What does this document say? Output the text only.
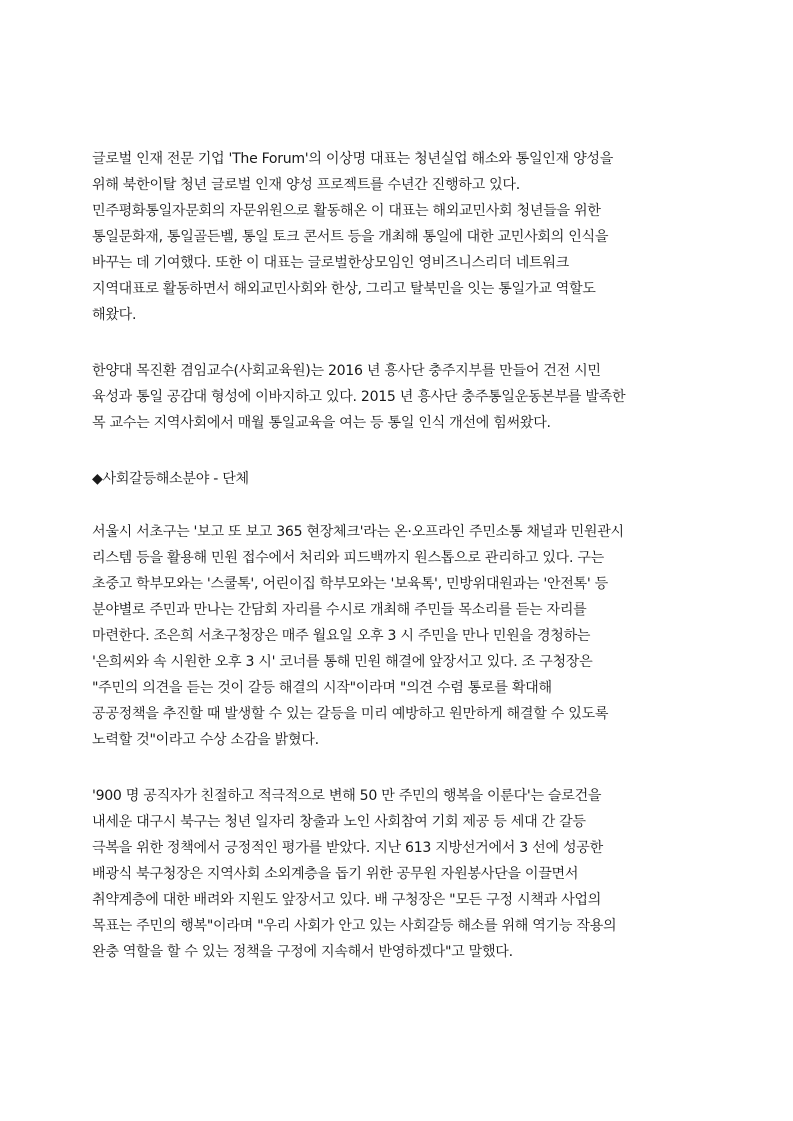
글로벌 인재 전문 기업 'The Forum'의 이상명 대표는 청년실업 해소와 통일인재 양성을
위해 북한이탈 청년 글로벌 인재 양성 프로젝트를 수년간 진행하고 있다.
민주평화통일자문회의 자문위원으로 활동해온 이 대표는 해외교민사회 청년들을 위한
통일문화재, 통일골든벨, 통일 토크 콘서트 등을 개최해 통일에 대한 교민사회의 인식을
바꾸는 데 기여했다. 또한 이 대표는 글로벌한상모임인 영비즈니스리더 네트워크
지역대표로 활동하면서 해외교민사회와 한상, 그리고 탈북민을 잇는 통일가교 역할도
해왔다.
한양대 목진환 겸임교수(사회교육원)는 2016 년 흥사단 충주지부를 만들어 건전 시민
육성과 통일 공감대 형성에 이바지하고 있다. 2015 년 흥사단 충주통일운동본부를 발족한
목 교수는 지역사회에서 매월 통일교육을 여는 등 통일 인식 개선에 힘써왔다.
◆사회갈등해소분야 - 단체
서울시 서초구는 '보고 또 보고 365 현장체크'라는 온·오프라인 주민소통 채널과 민원관시
리스템 등을 활용해 민원 접수에서 처리와 피드백까지 원스톱으로 관리하고 있다. 구는
초중고 학부모와는 '스쿨톡', 어린이집 학부모와는 '보육톡', 민방위대원과는 '안전톡' 등
분야별로 주민과 만나는 간담회 자리를 수시로 개최해 주민들 목소리를 듣는 자리를
마련한다. 조은희 서초구청장은 매주 월요일 오후 3 시 주민을 만나 민원을 경청하는
'은희씨와 속 시원한 오후 3 시' 코너를 통해 민원 해결에 앞장서고 있다. 조 구청장은
"주민의 의견을 듣는 것이 갈등 해결의 시작"이라며 "의견 수렴 통로를 확대해
공공정책을 추진할 때 발생할 수 있는 갈등을 미리 예방하고 원만하게 해결할 수 있도록
노력할 것"이라고 수상 소감을 밝혔다.
'900 명 공직자가 친절하고 적극적으로 변해 50 만 주민의 행복을 이룬다'는 슬로건을
내세운 대구시 북구는 청년 일자리 창출과 노인 사회참여 기회 제공 등 세대 간 갈등
극복을 위한 정책에서 긍정적인 평가를 받았다. 지난 613 지방선거에서 3 선에 성공한
배광식 북구청장은 지역사회 소외계층을 돕기 위한 공무원 자원봉사단을 이끌면서
취약계층에 대한 배려와 지원도 앞장서고 있다. 배 구청장은 "모든 구정 시책과 사업의
목표는 주민의 행복"이라며 "우리 사회가 안고 있는 사회갈등 해소를 위해 역기능 작용의
완충 역할을 할 수 있는 정책을 구정에 지속해서 반영하겠다"고 말했다.
